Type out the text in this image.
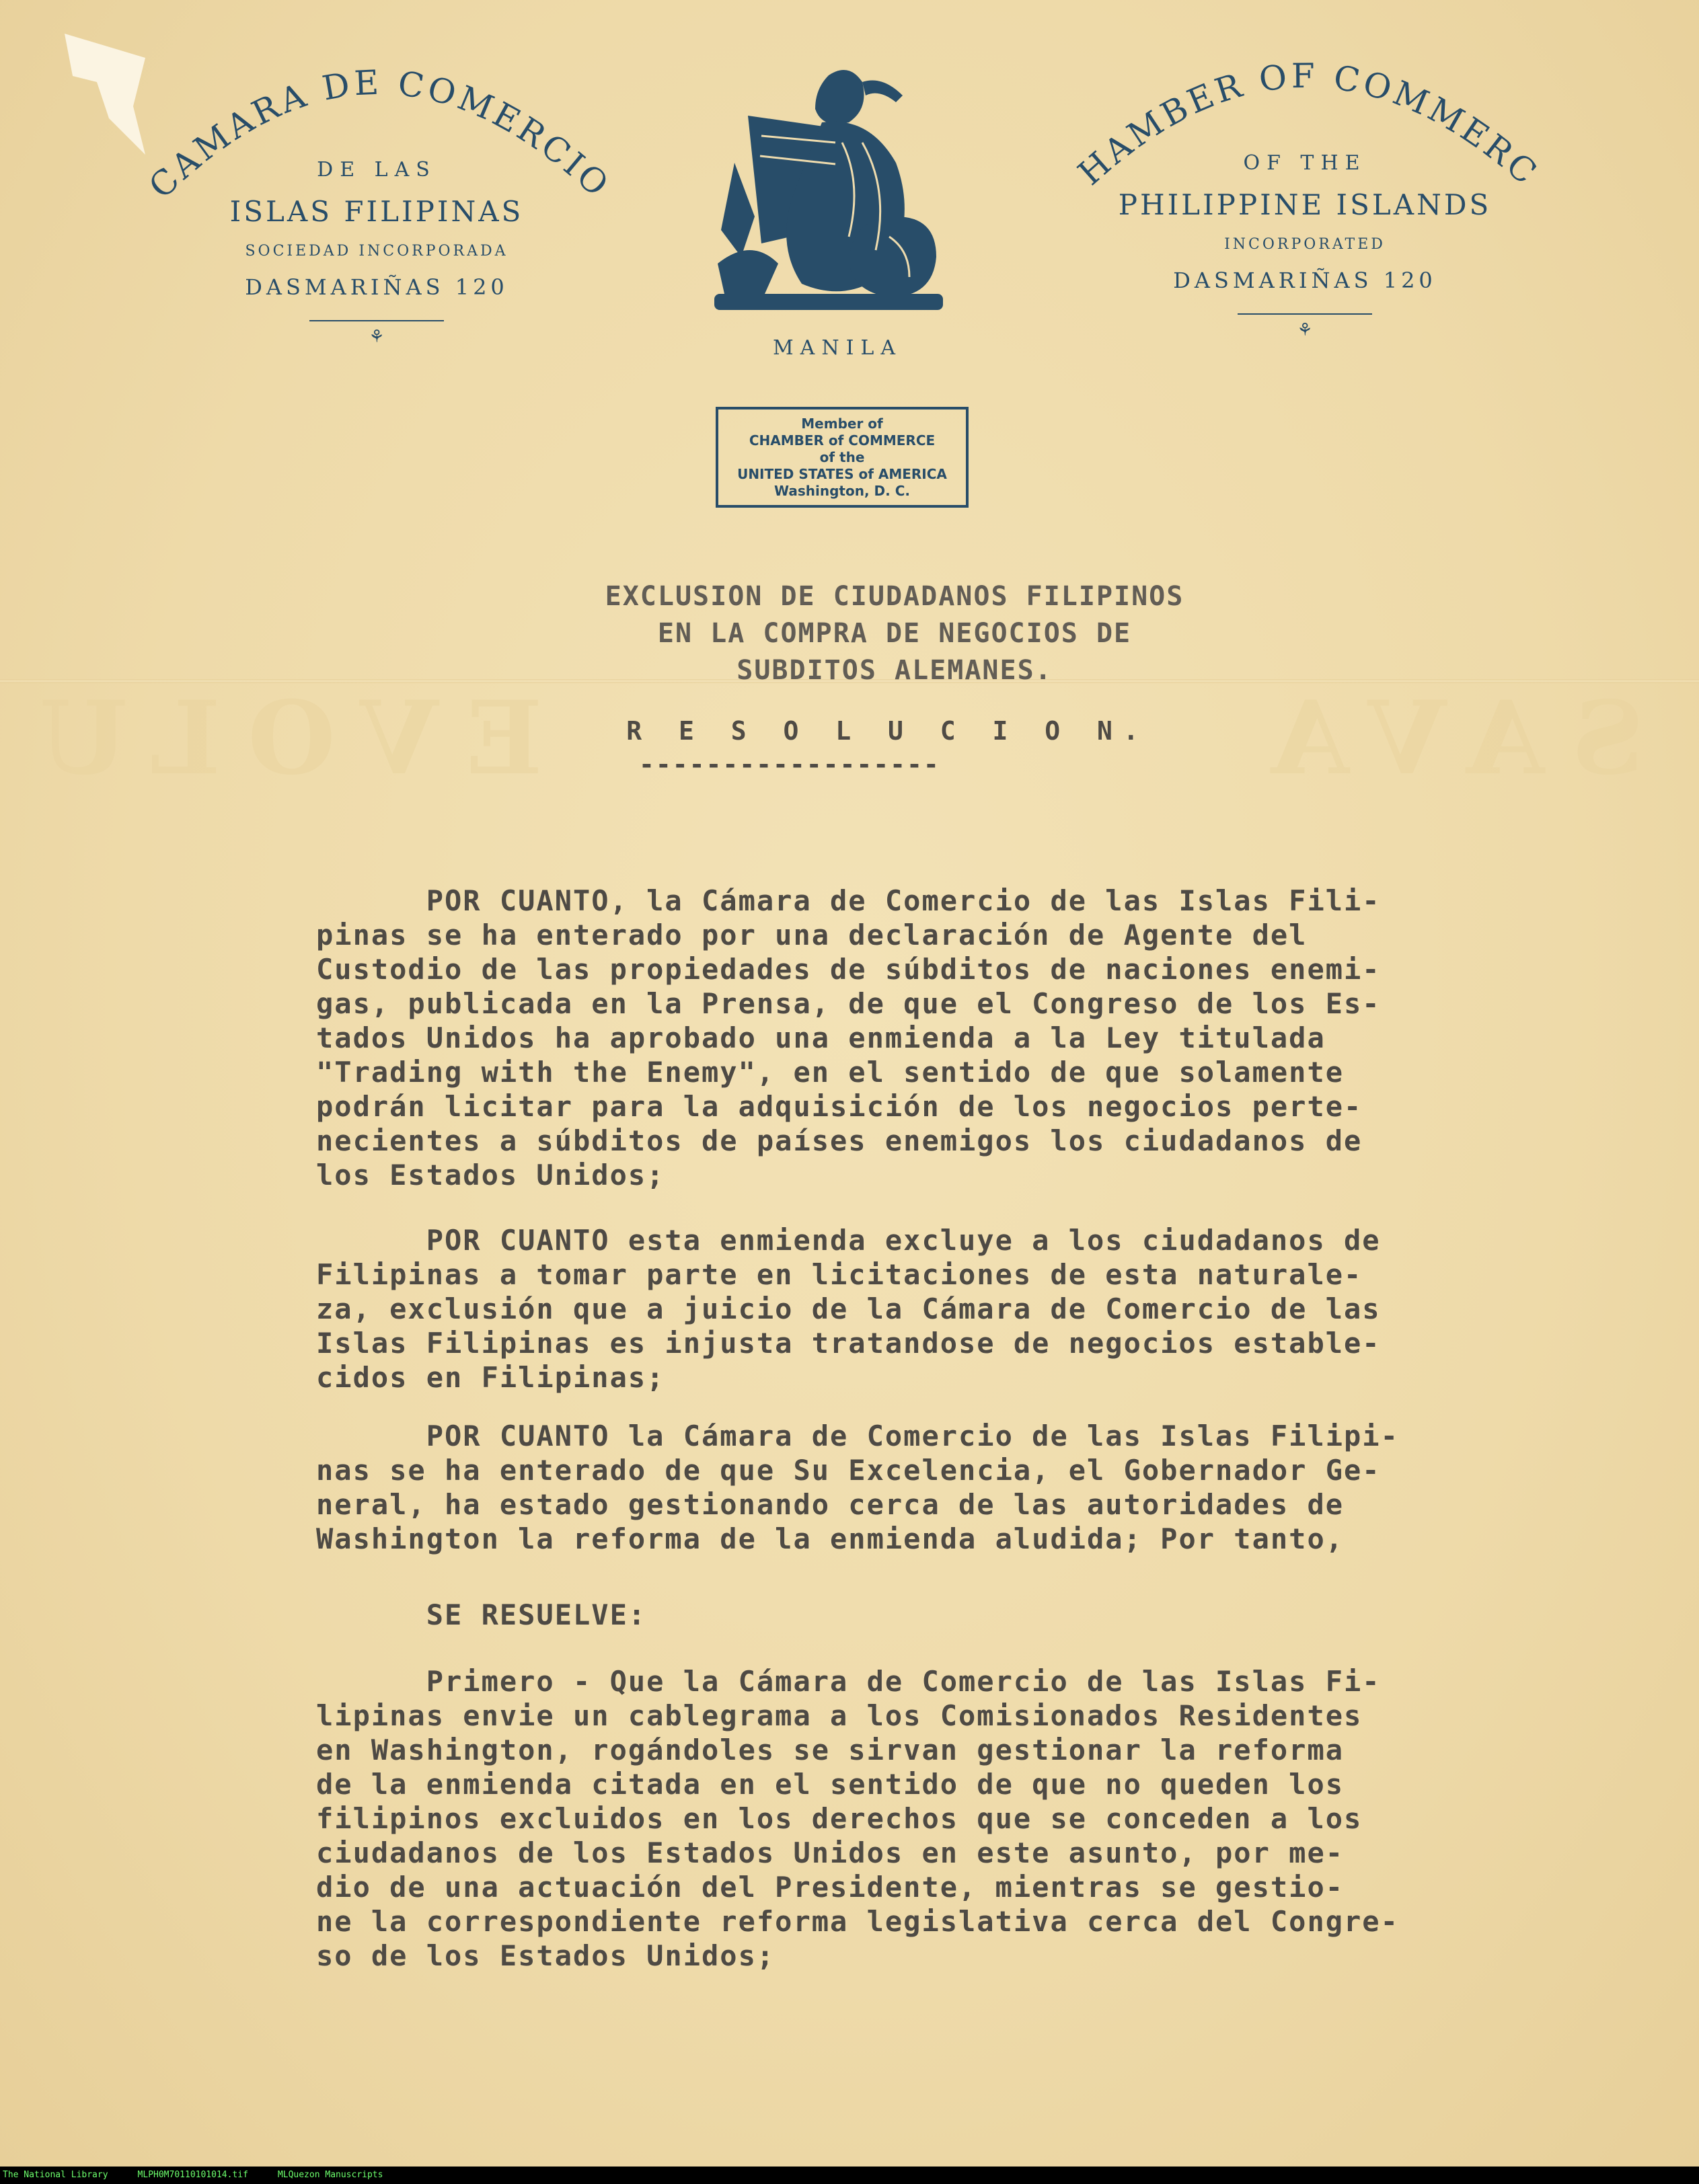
EVOLU	SAVA
CAMARA DE COMERCIO
DE LAS
ISLAS FILIPINAS
SOCIEDAD INCORPORADA
DASMARIÑAS 120
⚘	MANILA
CHAMBER OF COMMERCE
OF THE
PHILIPPINE ISLANDS
INCORPORATED
DASMARIÑAS 120
⚘
Member of
CHAMBER of COMMERCE
of the
UNITED STATES of AMERICA
Washington, D. C.
EXCLUSION DE CIUDADANOS FILIPINOS
EN LA COMPRA DE NEGOCIOS DE
SUBDITOS ALEMANES.
R E S O L U C I O N.
------------------
POR CUANTO, la Cámara de Comercio de las Islas Fili-
pinas se ha enterado por una declaración de Agente del
Custodio de las propiedades de súbditos de naciones enemi-
gas, publicada en la Prensa, de que el Congreso de los Es-
tados Unidos ha aprobado una enmienda a la Ley titulada
"Trading with the Enemy", en el sentido de que solamente
podrán licitar para la adquisición de los negocios perte-
necientes a súbditos de países enemigos los ciudadanos de
los Estados Unidos;
POR CUANTO esta enmienda excluye a los ciudadanos de
Filipinas a tomar parte en licitaciones de esta naturale-
za, exclusión que a juicio de la Cámara de Comercio de las
Islas Filipinas es injusta tratandose de negocios estable-
cidos en Filipinas;
POR CUANTO la Cámara de Comercio de las Islas Filipi-
nas se ha enterado de que Su Excelencia, el Gobernador Ge-
neral, ha estado gestionando cerca de las autoridades de
Washington la reforma de la enmienda aludida; Por tanto,
SE RESUELVE:
Primero - Que la Cámara de Comercio de las Islas Fi-
lipinas envie un cablegrama a los Comisionados Residentes
en Washington, rogándoles se sirvan gestionar la reforma
de la enmienda citada en el sentido de que no queden los
filipinos excluidos en los derechos que se conceden a los
ciudadanos de los Estados Unidos en este asunto, por me-
dio de una actuación del Presidente, mientras se gestio-
ne la correspondiente reforma legislativa cerca del Congre-
so de los Estados Unidos;
The National Library	MLPH0M70110101014.tif	MLQuezon Manuscripts
